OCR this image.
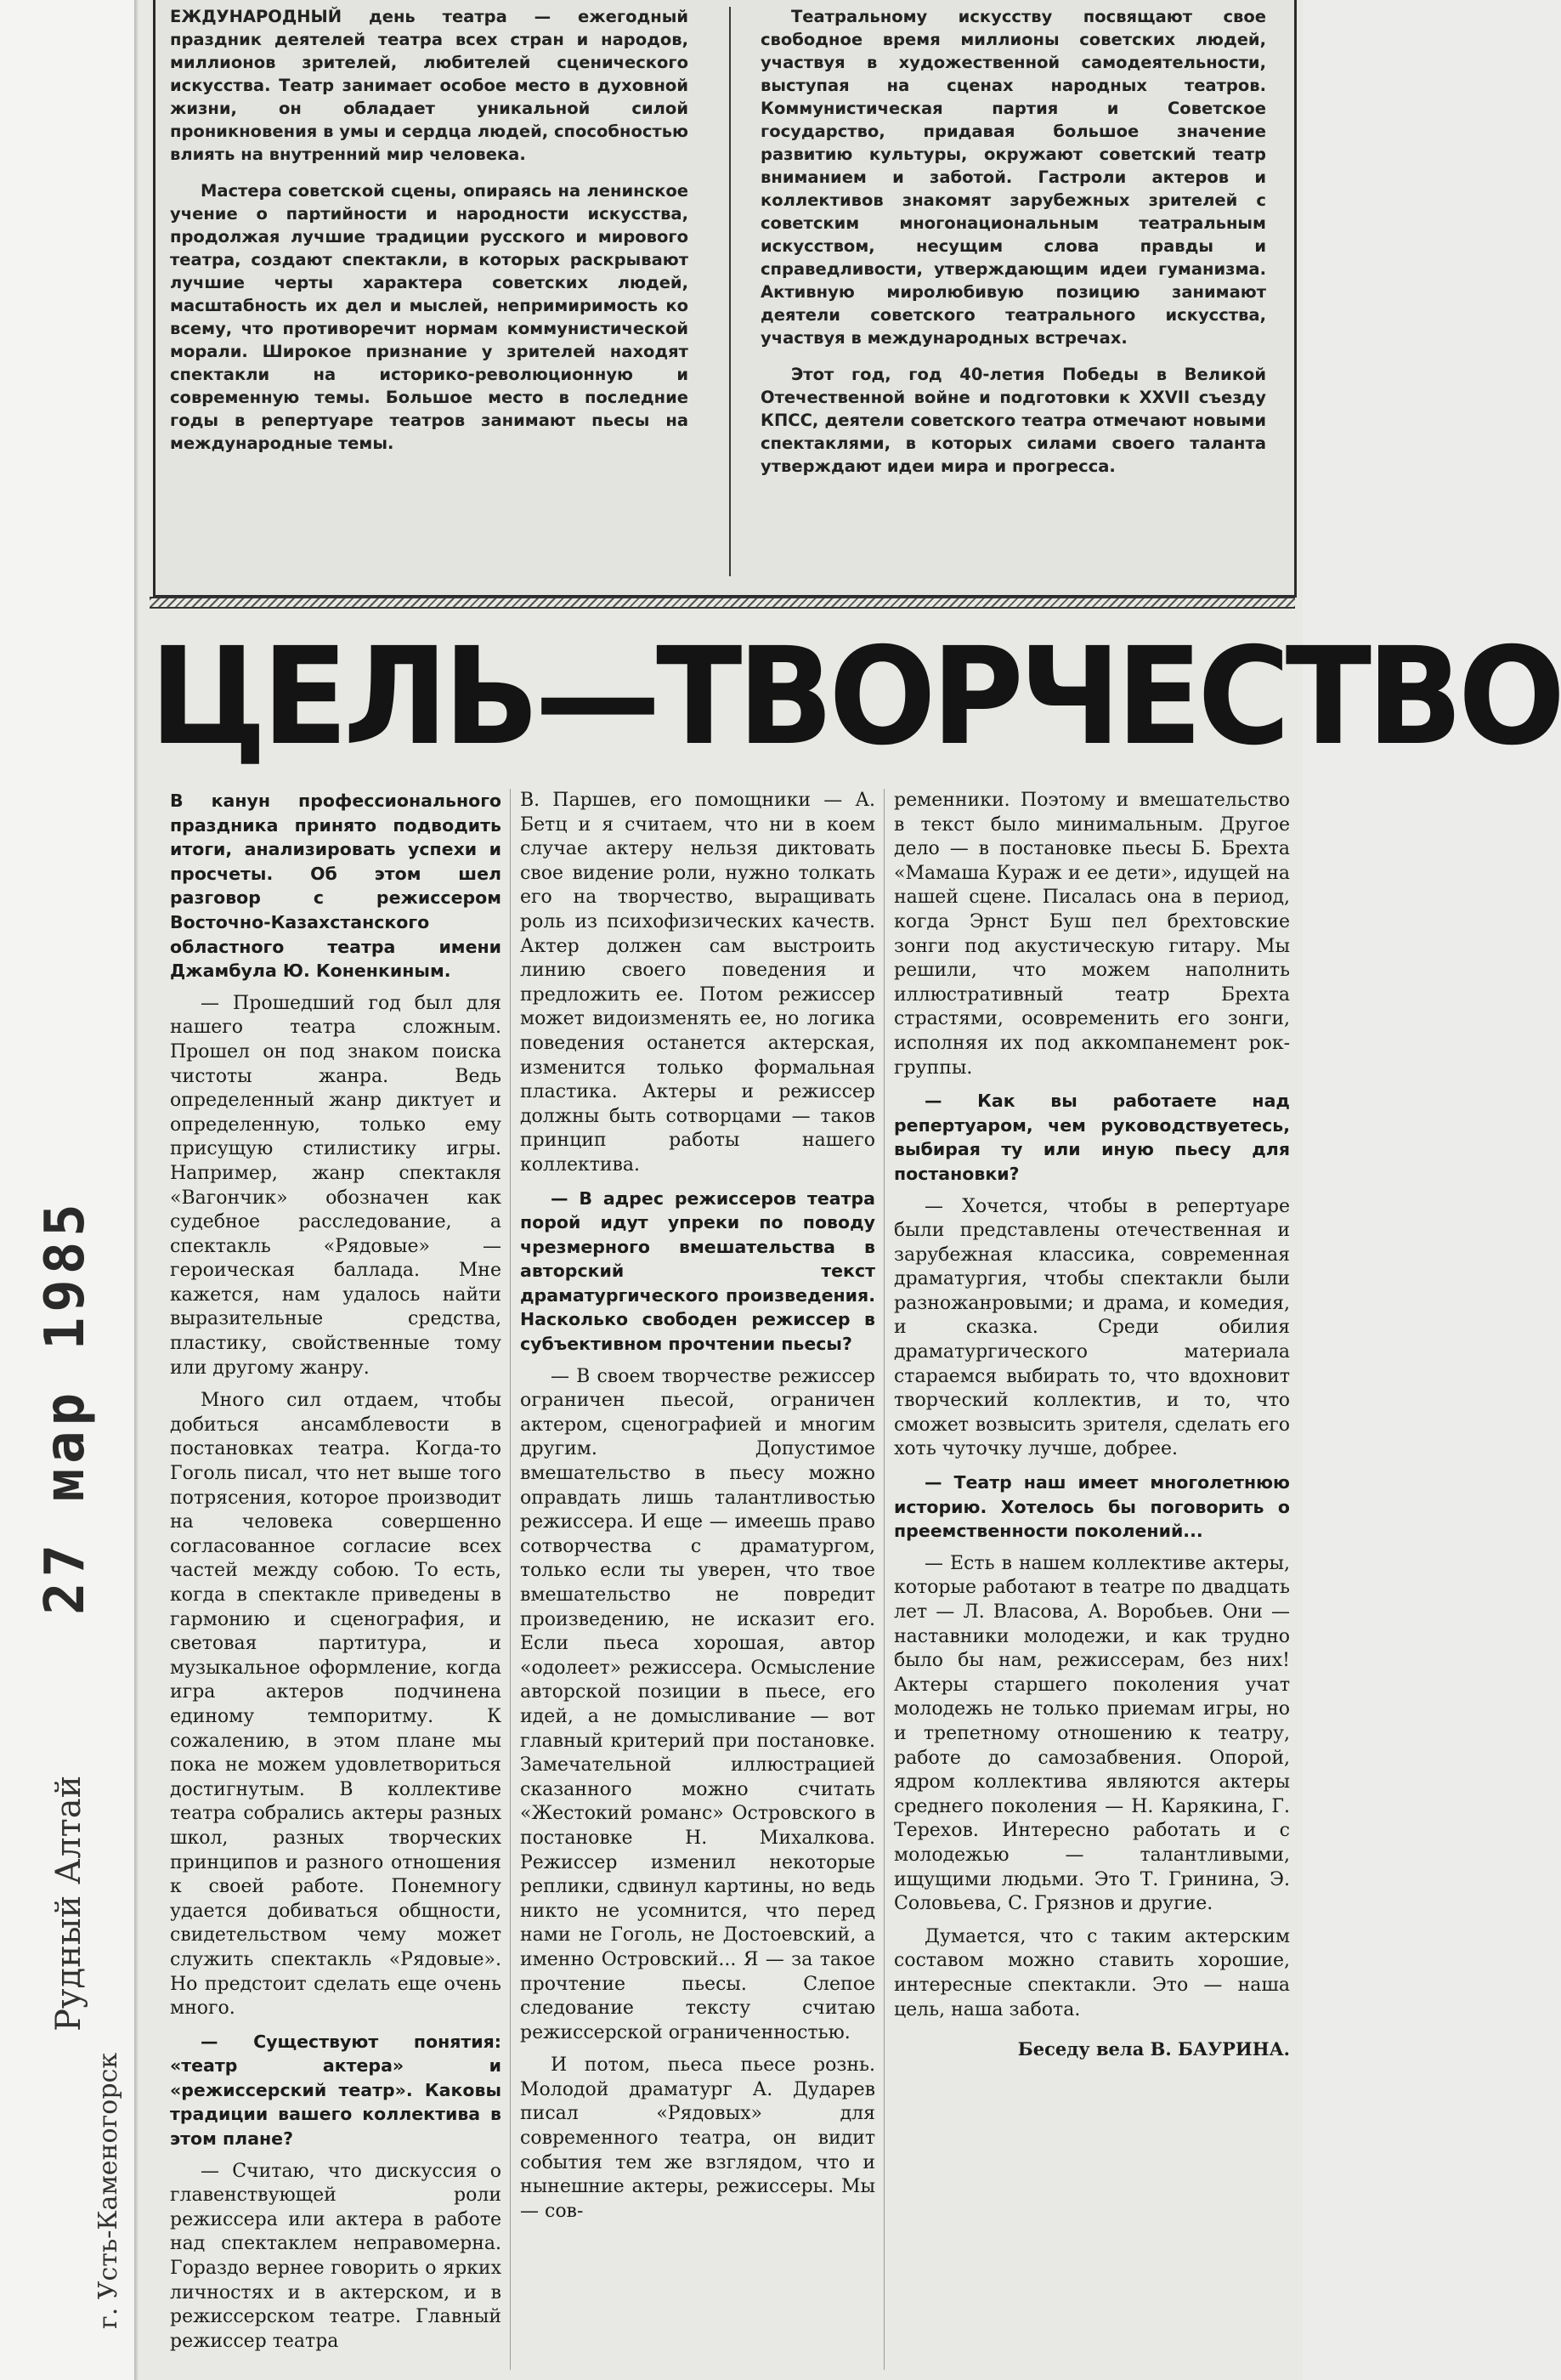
ЕЖДУНАРОДНЫЙ день театра — ежегодный праздник деятелей театра всех стран и народов, миллионов зрителей, любителей сценического искусства. Театр занимает особое место в духовной жизни, он обладает уникальной силой проникновения в умы и сердца людей, способностью влиять на внутренний мир человека.

Мастера советской сцены, опираясь на ленинское учение о партийности и народности искусства, продолжая лучшие традиции русского и мирового театра, создают спектакли, в которых раскрывают лучшие черты характера советских людей, масштабность их дел и мыслей, непримиримость ко всему, что противоречит нормам коммунистической морали. Широкое признание у зрителей находят спектакли на историко-революционную и современную темы. Большое место в последние годы в репертуаре театров занимают пьесы на международные темы.

Театральному искусству посвящают свое свободное время миллионы советских людей, участвуя в художественной самодеятельности, выступая на сценах народных театров. Коммунистическая партия и Советское государство, придавая большое значение развитию культуры, окружают советский театр вниманием и заботой. Гастроли актеров и коллективов знакомят зарубежных зрителей с советским многонациональным театральным искусством, несущим слова правды и справедливости, утверждающим идеи гуманизма. Активную миролюбивую позицию занимают деятели советского театрального искусства, участвуя в международных встречах.

Этот год, год 40-летия Победы в Великой Отечественной войне и подготовки к XXVII съезду КПСС, деятели советского театра отмечают новыми спектаклями, в которых силами своего таланта утверждают идеи мира и прогресса.

ЦЕЛЬ—ТВОРЧЕСТВО

В канун профессионального праздника принято подводить итоги, анализировать успехи и просчеты. Об этом шел разговор с режиссером Восточно-Казахстанского областного театра имени Джамбула Ю. Коненкиным.

— Прошедший год был для нашего театра сложным. Прошел он под знаком поиска чистоты жанра. Ведь определенный жанр диктует и определенную, только ему присущую стилистику игры. Например, жанр спектакля «Вагончик» обозначен как судебное расследование, а спектакль «Рядовые» — героическая баллада. Мне кажется, нам удалось найти выразительные средства, пластику, свойственные тому или другому жанру.

Много сил отдаем, чтобы добиться ансамблевости в постановках театра. Когда-то Гоголь писал, что нет выше того потрясения, которое производит на человека совершенно согласованное согласие всех частей между собою. То есть, когда в спектакле приведены в гармонию и сценография, и световая партитура, и музыкальное оформление, когда игра актеров подчинена единому темпоритму. К сожалению, в этом плане мы пока не можем удовлетвориться достигнутым. В коллективе театра собрались актеры разных школ, разных творческих принципов и разного отношения к своей работе. Понемногу удается добиваться общности, свидетельством чему может служить спектакль «Рядовые». Но предстоит сделать еще очень много.

— Существуют понятия: «театр актера» и «режиссерский театр». Каковы традиции вашего коллектива в этом плане?

— Считаю, что дискуссия о главенствующей роли режиссера или актера в работе над спектаклем неправомерна. Гораздо вернее говорить о ярких личностях и в актерском, и в режиссерском театре. Главный режиссер театра

В. Паршев, его помощники — А. Бетц и я считаем, что ни в коем случае актеру нельзя диктовать свое видение роли, нужно толкать его на творчество, выращивать роль из психофизических качеств. Актер должен сам выстроить линию своего поведения и предложить ее. Потом режиссер может видоизменять ее, но логика поведения останется актерская, изменится только формальная пластика. Актеры и режиссер должны быть сотворцами — таков принцип работы нашего коллектива.

— В адрес режиссеров театра порой идут упреки по поводу чрезмерного вмешательства в авторский текст драматургического произведения. Насколько свободен режиссер в субъективном прочтении пьесы?

— В своем творчестве режиссер ограничен пьесой, ограничен актером, сценографией и многим другим. Допустимое вмешательство в пьесу можно оправдать лишь талантливостью режиссера. И еще — имеешь право сотворчества с драматургом, только если ты уверен, что твое вмешательство не повредит произведению, не исказит его. Если пьеса хорошая, автор «одолеет» режиссера. Осмысление авторской позиции в пьесе, его идей, а не домысливание — вот главный критерий при постановке. Замечательной иллюстрацией сказанного можно считать «Жестокий романс» Островского в постановке Н. Михалкова. Режиссер изменил некоторые реплики, сдвинул картины, но ведь никто не усомнится, что перед нами не Гоголь, не Достоевский, а именно Островский... Я — за такое прочтение пьесы. Слепое следование тексту считаю режиссерской ограниченностью.

И потом, пьеса пьесе рознь. Молодой драматург А. Дударев писал «Рядовых» для современного театра, он видит события тем же взглядом, что и нынешние актеры, режиссеры. Мы — сов-

ременники. Поэтому и вмешательство в текст было минимальным. Другое дело — в постановке пьесы Б. Брехта «Мамаша Кураж и ее дети», идущей на нашей сцене. Писалась она в период, когда Эрнст Буш пел брехтовские зонги под акустическую гитару. Мы решили, что можем наполнить иллюстративный театр Брехта страстями, осовременить его зонги, исполняя их под аккомпанемент рок-группы.

— Как вы работаете над репертуаром, чем руководствуетесь, выбирая ту или иную пьесу для постановки?

— Хочется, чтобы в репертуаре были представлены отечественная и зарубежная классика, современная драматургия, чтобы спектакли были разножанровыми; и драма, и комедия, и сказка. Среди обилия драматургического материала стараемся выбирать то, что вдохновит творческий коллектив, и то, что сможет возвысить зрителя, сделать его хоть чуточку лучше, добрее.

— Театр наш имеет многолетнюю историю. Хотелось бы поговорить о преемственности поколений...

— Есть в нашем коллективе актеры, которые работают в театре по двадцать лет — Л. Власова, А. Воробьев. Они — наставники молодежи, и как трудно было бы нам, режиссерам, без них! Актеры старшего поколения учат молодежь не только приемам игры, но и трепетному отношению к театру, работе до самозабвения. Опорой, ядром коллектива являются актеры среднего поколения — Н. Карякина, Г. Терехов. Интересно работать и с молодежью — талантливыми, ищущими людьми. Это Т. Гринина, Э. Соловьева, С. Грязнов и другие.

Думается, что с таким актерским составом можно ставить хорошие, интересные спектакли. Это — наша цель, наша забота.

Беседу вела В. БАУРИНА.

27 мар 1985
Рудный Алтай
г. Усть-Каменогорск
